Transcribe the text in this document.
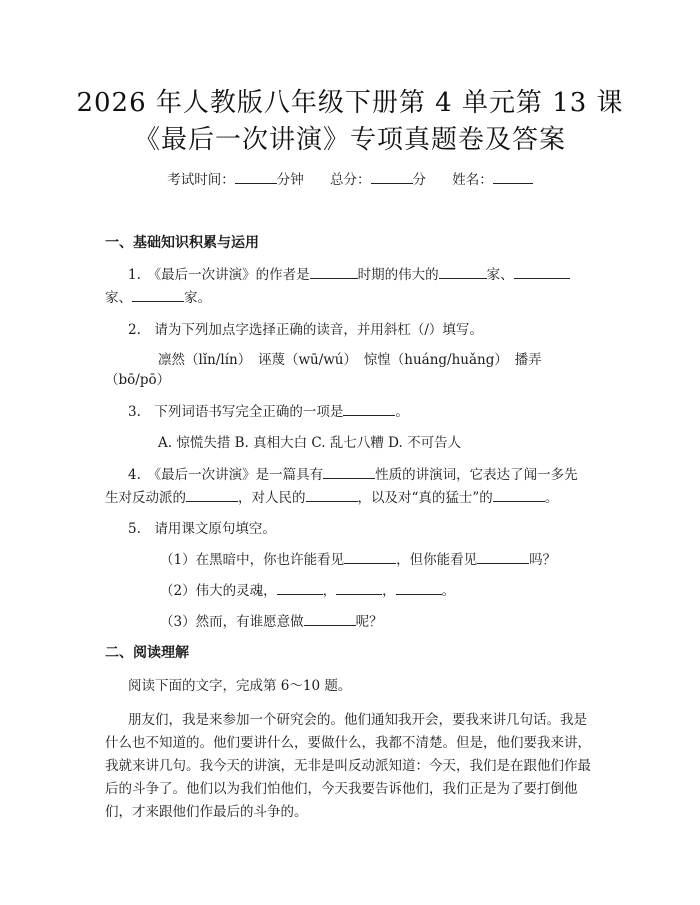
2026 年人教版八年级下册第 4 单元第 13 课
《最后一次讲演》专项真题卷及答案
考试时间：	分钟 总分：	分 姓名：
一、基础知识积累与运用
1.　《最后一次讲演》的作者是	时期的伟大的	家、
家、	家。
2.　请为下列加点字选择正确的读音，并用斜杠（/）填写。
凛然（lǐn/lín）　诬蔑（wū/wú）　惊惶（huáng/huǎng）　播弄
（bō/pō）
3.　下列词语书写完全正确的一项是	。
A. 惊慌失措 B. 真相大白 C. 乱七八糟 D. 不可告人
4.　《最后一次讲演》是一篇具有	性质的讲演词，它表达了闻一多先
生对反动派的	，对人民的	，以及对“真的猛士”的	。
5.　请用课文原句填空。
（1）在黑暗中，你也许能看见	，但你能看见	吗？
（2）伟大的灵魂，	，	，	。
（3）然而，有谁愿意做	呢？
二、阅读理解
阅读下面的文字，完成第 6～10 题。
朋友们，我是来参加一个研究会的。他们通知我开会，要我来讲几句话。我是
什么也不知道的。他们要讲什么，要做什么，我都不清楚。但是，他们要我来讲，
我就来讲几句。我今天的讲演，无非是叫反动派知道：今天，我们是在跟他们作最
后的斗争了。他们以为我们怕他们，今天我要告诉他们，我们正是为了要打倒他
们，才来跟他们作最后的斗争的。
